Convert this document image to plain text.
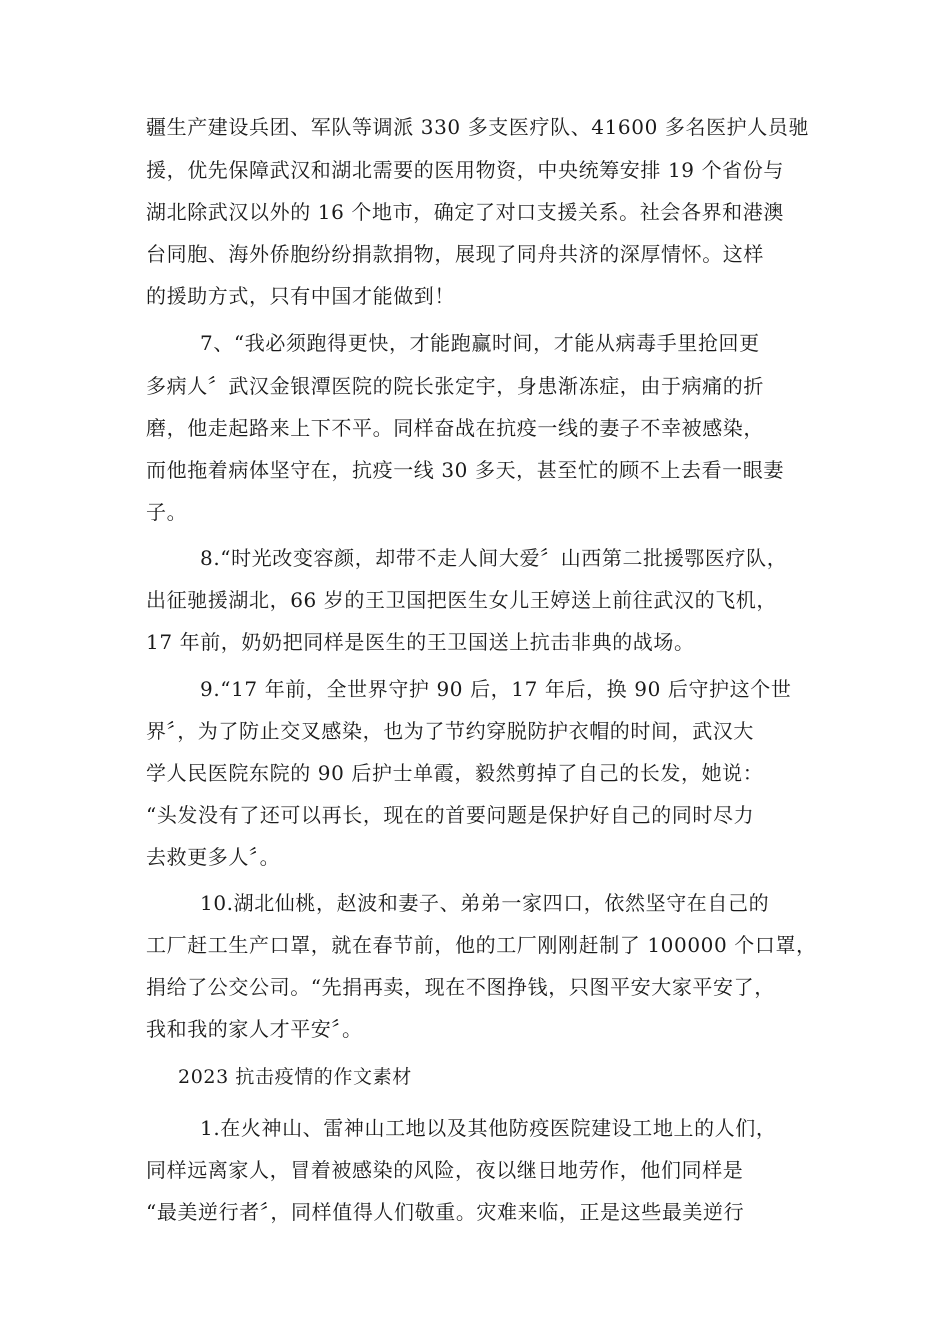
疆生产建设兵团、军队等调派 330 多支医疗队、41600 多名医护人员驰
援，优先保障武汉和湖北需要的医用物资，中央统筹安排 19 个省份与
湖北除武汉以外的 16 个地市，确定了对口支援关系。社会各界和港澳
台同胞、海外侨胞纷纷捐款捐物，展现了同舟共济的深厚情怀。这样
的援助方式，只有中国才能做到！
7、“我必须跑得更快，才能跑赢时间，才能从病毒手里抢回更
多病人〞武汉金银潭医院的院长张定宇，身患渐冻症，由于病痛的折
磨，他走起路来上下不平。同样奋战在抗疫一线的妻子不幸被感染，
而他拖着病体坚守在，抗疫一线 30 多天，甚至忙的顾不上去看一眼妻
子。
8.“时光改变容颜，却带不走人间大爱〞山西第二批援鄂医疗队，
出征驰援湖北，66 岁的王卫国把医生女儿王婷送上前往武汉的飞机，
17 年前，奶奶把同样是医生的王卫国送上抗击非典的战场。
9.“17 年前，全世界守护 90 后，17 年后，换 90 后守护这个世
界〞，为了防止交叉感染，也为了节约穿脱防护衣帽的时间，武汉大
学人民医院东院的 90 后护士单霞，毅然剪掉了自己的长发，她说：
“头发没有了还可以再长，现在的首要问题是保护好自己的同时尽力
去救更多人〞。
10.湖北仙桃，赵波和妻子、弟弟一家四口，依然坚守在自己的
工厂赶工生产口罩，就在春节前，他的工厂刚刚赶制了 100000 个口罩，
捐给了公交公司。“先捐再卖，现在不图挣钱，只图平安大家平安了，
我和我的家人才平安〞。
2023 抗击疫情的作文素材
1.在火神山、雷神山工地以及其他防疫医院建设工地上的人们，
同样远离家人，冒着被感染的风险，夜以继日地劳作，他们同样是
“最美逆行者〞，同样值得人们敬重。灾难来临，正是这些最美逆行
